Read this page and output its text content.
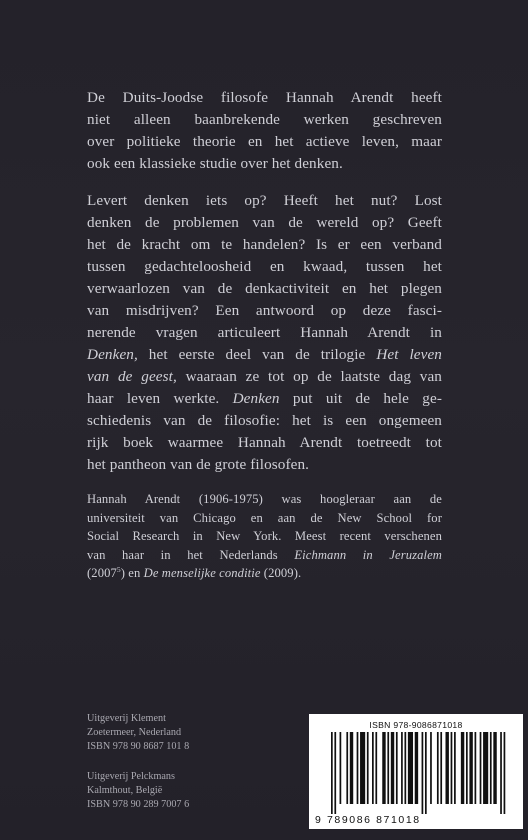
De Duits-Joodse filosofe Hannah Arendt heeft
niet alleen baanbrekende werken geschreven
over politieke theorie en het actieve leven, maar
ook een klassieke studie over het denken.

Levert denken iets op? Heeft het nut? Lost
denken de problemen van de wereld op? Geeft
het de kracht om te handelen? Is er een verband
tussen gedachteloosheid en kwaad, tussen het
verwaarlozen van de denkactiviteit en het plegen
van misdrijven? Een antwoord op deze fasci-
nerende vragen articuleert Hannah Arendt in
Denken, het eerste deel van de trilogie Het leven
van de geest, waaraan ze tot op de laatste dag van
haar leven werkte. Denken put uit de hele ge-
schiedenis van de filosofie: het is een ongemeen
rijk boek waarmee Hannah Arendt toetreedt tot
het pantheon van de grote filosofen.

Hannah Arendt (1906-1975) was hoogleraar aan de
universiteit van Chicago en aan de New School for
Social Research in New York. Meest recent verschenen
van haar in het Nederlands Eichmann in Jeruzalem
(2007$^5$) en De menselijke conditie (2009).

Uitgeverij Klement
Zoetermeer, Nederland
ISBN 978 90 8687 101 8

Uitgeverij Pelckmans
Kalmthout, België
ISBN 978 90 289 7007 6

ISBN 978-9086871018
9 789086 871018
